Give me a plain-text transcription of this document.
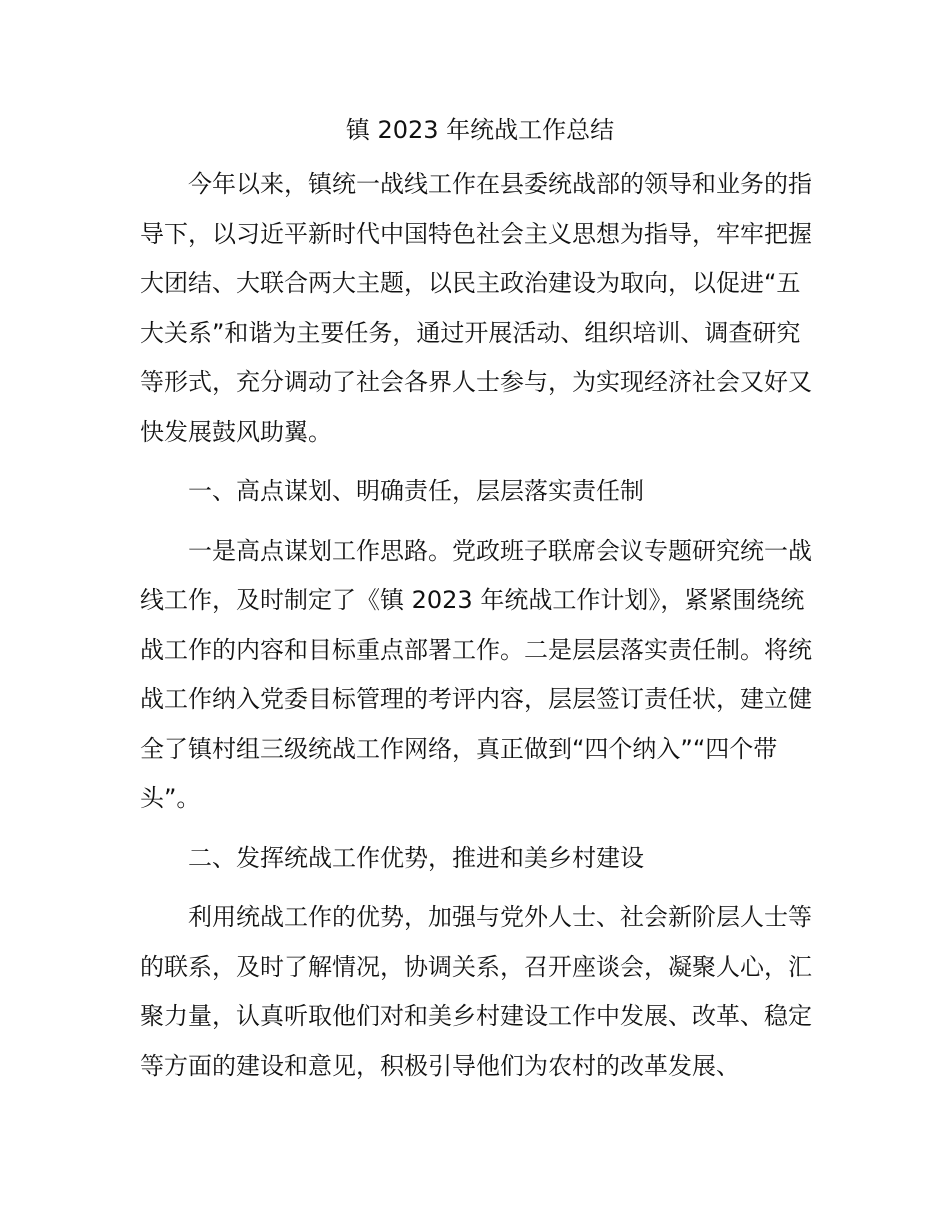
镇 2023 年统战工作总结

今年以来，镇统一战线工作在县委统战部的领导和业务的指导下，以习近平新时代中国特色社会主义思想为指导，牢牢把握大团结、大联合两大主题，以民主政治建设为取向，以促进“五大关系”和谐为主要任务，通过开展活动、组织培训、调查研究等形式，充分调动了社会各界人士参与，为实现经济社会又好又快发展鼓风助翼。

一、高点谋划、明确责任，层层落实责任制

一是高点谋划工作思路。党政班子联席会议专题研究统一战线工作，及时制定了《镇 2023 年统战工作计划》，紧紧围绕统战工作的内容和目标重点部署工作。二是层层落实责任制。将统战工作纳入党委目标管理的考评内容，层层签订责任状，建立健全了镇村组三级统战工作网络，真正做到“四个纳入”“四个带头”。

二、发挥统战工作优势，推进和美乡村建设

利用统战工作的优势，加强与党外人士、社会新阶层人士等的联系，及时了解情况，协调关系，召开座谈会，凝聚人心，汇聚力量，认真听取他们对和美乡村建设工作中发展、改革、稳定等方面的建设和意见，积极引导他们为农村的改革发展、
